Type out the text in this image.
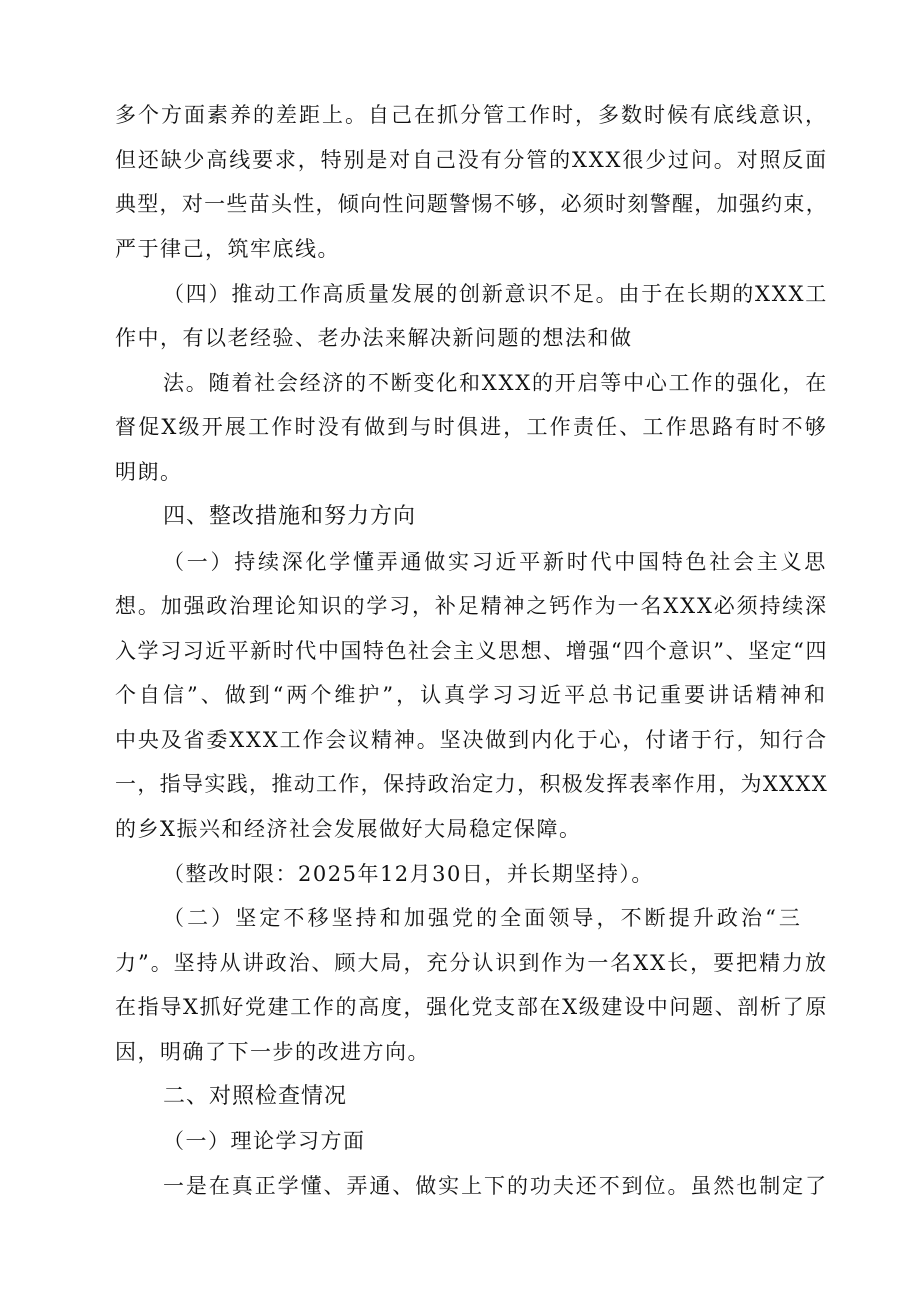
多个方面素养的差距上。自己在抓分管工作时，多数时候有底线意识，
但还缺少高线要求，特别是对自己没有分管的XXX很少过问。对照反面
典型，对一些苗头性，倾向性问题警惕不够，必须时刻警醒，加强约束，
严于律己，筑牢底线。
（四）推动工作高质量发展的创新意识不足。由于在长期的XXX工
作中，有以老经验、老办法来解决新问题的想法和做
法。随着社会经济的不断变化和XXX的开启等中心工作的强化，在
督促X级开展工作时没有做到与时俱进，工作责任、工作思路有时不够
明朗。
四、整改措施和努力方向
（一）持续深化学懂弄通做实习近平新时代中国特色社会主义思
想。加强政治理论知识的学习，补足精神之钙作为一名XXX必须持续深
入学习习近平新时代中国特色社会主义思想、增强“四个意识”、坚定“四
个自信”、做到“两个维护”，认真学习习近平总书记重要讲话精神和
中央及省委XXX工作会议精神。坚决做到内化于心，付诸于行，知行合
一，指导实践，推动工作，保持政治定力，积极发挥表率作用，为XXXX
的乡X振兴和经济社会发展做好大局稳定保障。
（整改时限：2025年12月30日，并长期坚持）。
（二）坚定不移坚持和加强党的全面领导，不断提升政治“三
力”。坚持从讲政治、顾大局，充分认识到作为一名XX长，要把精力放
在指导X抓好党建工作的高度，强化党支部在X级建设中问题、剖析了原
因，明确了下一步的改进方向。
二、对照检查情况
（一）理论学习方面
一是在真正学懂、弄通、做实上下的功夫还不到位。虽然也制定了
